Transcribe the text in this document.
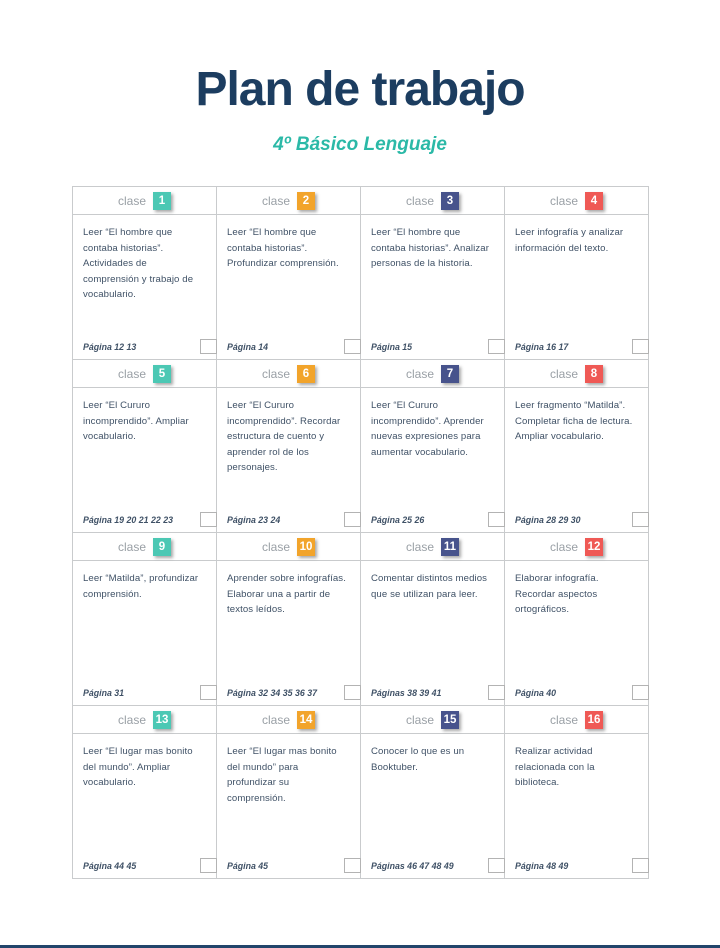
Plan de trabajo
4º Básico Lenguaje
clase	1
Leer “El hombre que contaba historias”. Actividades de comprensión y trabajo de vocabulario.
Página 12 13
clase	2
Leer “El hombre que contaba historias”. Profundizar comprensión.
Página 14
clase	3
Leer “El hombre que contaba historias”. Analizar personas de la historia.
Página 15
clase	4
Leer infografía y analizar información del texto.
Página 16 17
clase	5
Leer “El Cururo incomprendido”. Ampliar vocabulario.
Página 19 20 21 22 23
clase	6
Leer “El Cururo incomprendido”. Recordar estructura de cuento y aprender rol de los personajes.
Página 23 24
clase	7
Leer “El Cururo incomprendido”. Aprender nuevas expresiones para aumentar vocabulario.
Página 25 26
clase	8
Leer fragmento “Matilda”. Completar ficha de lectura. Ampliar vocabulario.
Página 28 29 30
clase	9
Leer “Matilda”, profundizar comprensión.
Página 31
clase 10
Aprender sobre infografías. Elaborar una a partir de textos leídos.
Página 32 34 35 36 37
clase 11
Comentar distintos medios que se utilizan para leer.
Páginas 38 39 41
clase 12
Elaborar infografía. Recordar aspectos ortográficos.
Página 40
clase 13
Leer “El lugar mas bonito del mundo”. Ampliar vocabulario.
Página 44 45
clase 14
Leer “El lugar mas bonito del mundo” para profundizar su comprensión.
Página 45
clase 15
Conocer lo que es un Booktuber.
Páginas 46 47 48 49
clase 16
Realizar actividad relacionada con la biblioteca.
Página 48 49
